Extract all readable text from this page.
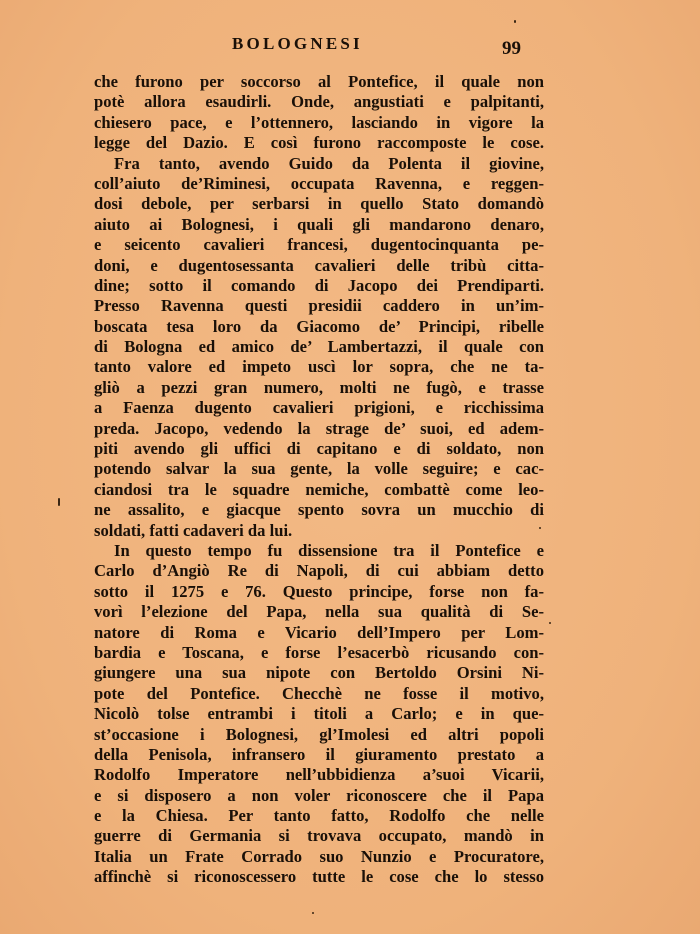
BOLOGNESI	99
che furono per soccorso al Pontefice, il quale non
potè allora esaudirli. Onde, angustiati e palpitanti,
chiesero pace, e l’ottennero, lasciando in vigore la
legge del Dazio. E così furono raccomposte le cose.
Fra tanto, avendo Guido da Polenta il giovine,
coll’aiuto de’Riminesi, occupata Ravenna, e reggen-
dosi debole, per serbarsi in quello Stato domandò
aiuto ai Bolognesi, i quali gli mandarono denaro,
e seicento cavalieri francesi, dugentocinquanta pe-
doni, e dugentosessanta cavalieri delle tribù citta-
dine; sotto il comando di Jacopo dei Prendiparti.
Presso Ravenna questi presidii caddero in un’im-
boscata tesa loro da Giacomo de’ Principi, ribelle
di Bologna ed amico de’ Lambertazzi, il quale con
tanto valore ed impeto uscì lor sopra, che ne ta-
gliò a pezzi gran numero, molti ne fugò, e trasse
a Faenza dugento cavalieri prigioni, e ricchissima
preda. Jacopo, vedendo la strage de’ suoi, ed adem-
piti avendo gli uffici di capitano e di soldato, non
potendo salvar la sua gente, la volle seguire; e cac-
ciandosi tra le squadre nemiche, combattè come leo-
ne assalito, e giacque spento sovra un mucchio di
soldati, fatti cadaveri da lui.
In questo tempo fu dissensione tra il Pontefice e
Carlo d’Angiò Re di Napoli, di cui abbiam detto
sotto il 1275 e 76. Questo principe, forse non fa-
vorì l’elezione del Papa, nella sua qualità di Se-
natore di Roma e Vicario dell’Impero per Lom-
bardia e Toscana, e forse l’esacerbò ricusando con-
giungere una sua nipote con Bertoldo Orsini Ni-
pote del Pontefice. Checchè ne fosse il motivo,
Nicolò tolse entrambi i titoli a Carlo; e in que-
st’occasione i Bolognesi, gl’Imolesi ed altri popoli
della Penisola, infransero il giuramento prestato a
Rodolfo Imperatore nell’ubbidienza a’suoi Vicarii,
e si disposero a non voler riconoscere che il Papa
e la Chiesa. Per tanto fatto, Rodolfo che nelle
guerre di Germania si trovava occupato, mandò in
Italia un Frate Corrado suo Nunzio e Procuratore,
affinchè si riconoscessero tutte le cose che lo stesso
